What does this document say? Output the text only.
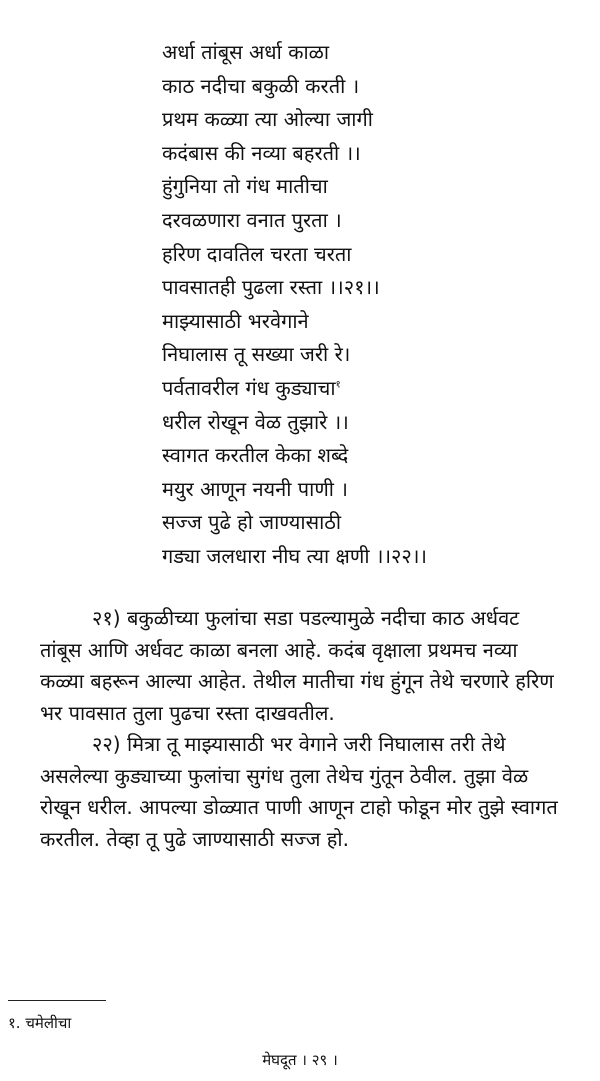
अर्धा तांबूस अर्धा काळा
काठ नदीचा बकुळी करती ।
प्रथम कळ्या त्या ओल्या जागी
कदंबास की नव्या बहरती ।।
हुंगुनिया तो गंध मातीचा
दरवळणारा वनात पुरता ।
हरिण दावतिल चरता चरता
पावसातही पुढला रस्ता ।।२१।।
माझ्यासाठी भरवेगाने
निघालास तू सख्या जरी रे।
पर्वतावरील गंध कुड्याचा$^१$
धरील रोखून वेळ तुझारे ।।
स्वागत करतील केका शब्दे
मयुर आणून नयनी पाणी ।
सज्ज पुढे हो जाण्यासाठी
गड्या जलधारा नीघ त्या क्षणी ।।२२।।
२१) बकुळीच्या फुलांचा सडा पडल्यामुळे नदीचा काठ अर्धवट
तांबूस आणि अर्धवट काळा बनला आहे. कदंब वृक्षाला प्रथमच नव्या
कळ्या बहरून आल्या आहेत. तेथील मातीचा गंध हुंगून तेथे चरणारे हरिण
भर पावसात तुला पुढचा रस्ता दाखवतील.
२२) मित्रा तू माझ्यासाठी भर वेगाने जरी निघालास तरी तेथे
असलेल्या कुड्याच्या फुलांचा सुगंध तुला तेथेच गुंतून ठेवील. तुझा वेळ
रोखून धरील. आपल्या डोळ्यात पाणी आणून टाहो फोडून मोर तुझे स्वागत
करतील. तेव्हा तू पुढे जाण्यासाठी सज्ज हो.
१. चमेलीचा
मेघदूत । २९ ।
